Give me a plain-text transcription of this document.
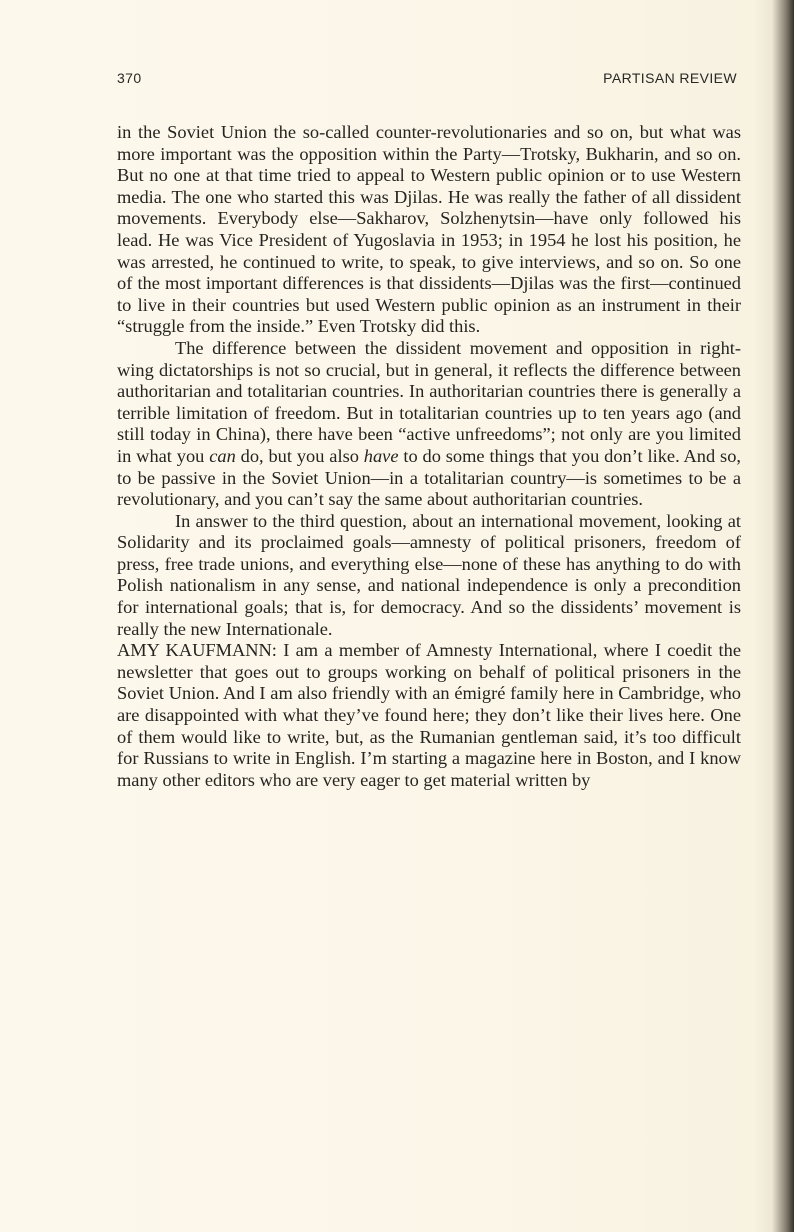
370	PARTISAN REVIEW

in the Soviet Union the so-called counter-revolutionaries and so on, but what was more important was the opposition within the Party—Trotsky, Bukharin, and so on. But no one at that time tried to appeal to Western public opinion or to use Western media. The one who started this was Djilas. He was really the father of all dissident movements. Everybody else—Sakharov, Solzhenytsin—have only followed his lead. He was Vice President of Yugoslavia in 1953; in 1954 he lost his position, he was arrested, he continued to write, to speak, to give interviews, and so on. So one of the most important differences is that dissidents—Djilas was the first—continued to live in their countries but used Western public opinion as an instrument in their “struggle from the inside.” Even Trotsky did this.

The difference between the dissident movement and opposition in right-wing dictatorships is not so crucial, but in general, it reflects the difference between authoritarian and totalitarian countries. In authoritarian countries there is generally a terrible limitation of freedom. But in totalitarian countries up to ten years ago (and still today in China), there have been “active unfreedoms”; not only are you limited in what you can do, but you also have to do some things that you don’t like. And so, to be passive in the Soviet Union—in a totalitarian country—is sometimes to be a revolutionary, and you can’t say the same about authoritarian countries.

In answer to the third question, about an international movement, looking at Solidarity and its proclaimed goals—amnesty of political prisoners, freedom of press, free trade unions, and everything else—none of these has anything to do with Polish nationalism in any sense, and national independence is only a precondition for international goals; that is, for democracy. And so the dissidents’ movement is really the new Internationale.

AMY KAUFMANN: I am a member of Amnesty International, where I coedit the newsletter that goes out to groups working on behalf of political prisoners in the Soviet Union. And I am also friendly with an émigré family here in Cambridge, who are disappointed with what they’ve found here; they don’t like their lives here. One of them would like to write, but, as the Rumanian gentleman said, it’s too difficult for Russians to write in English. I’m starting a magazine here in Boston, and I know many other editors who are very eager to get material written by
